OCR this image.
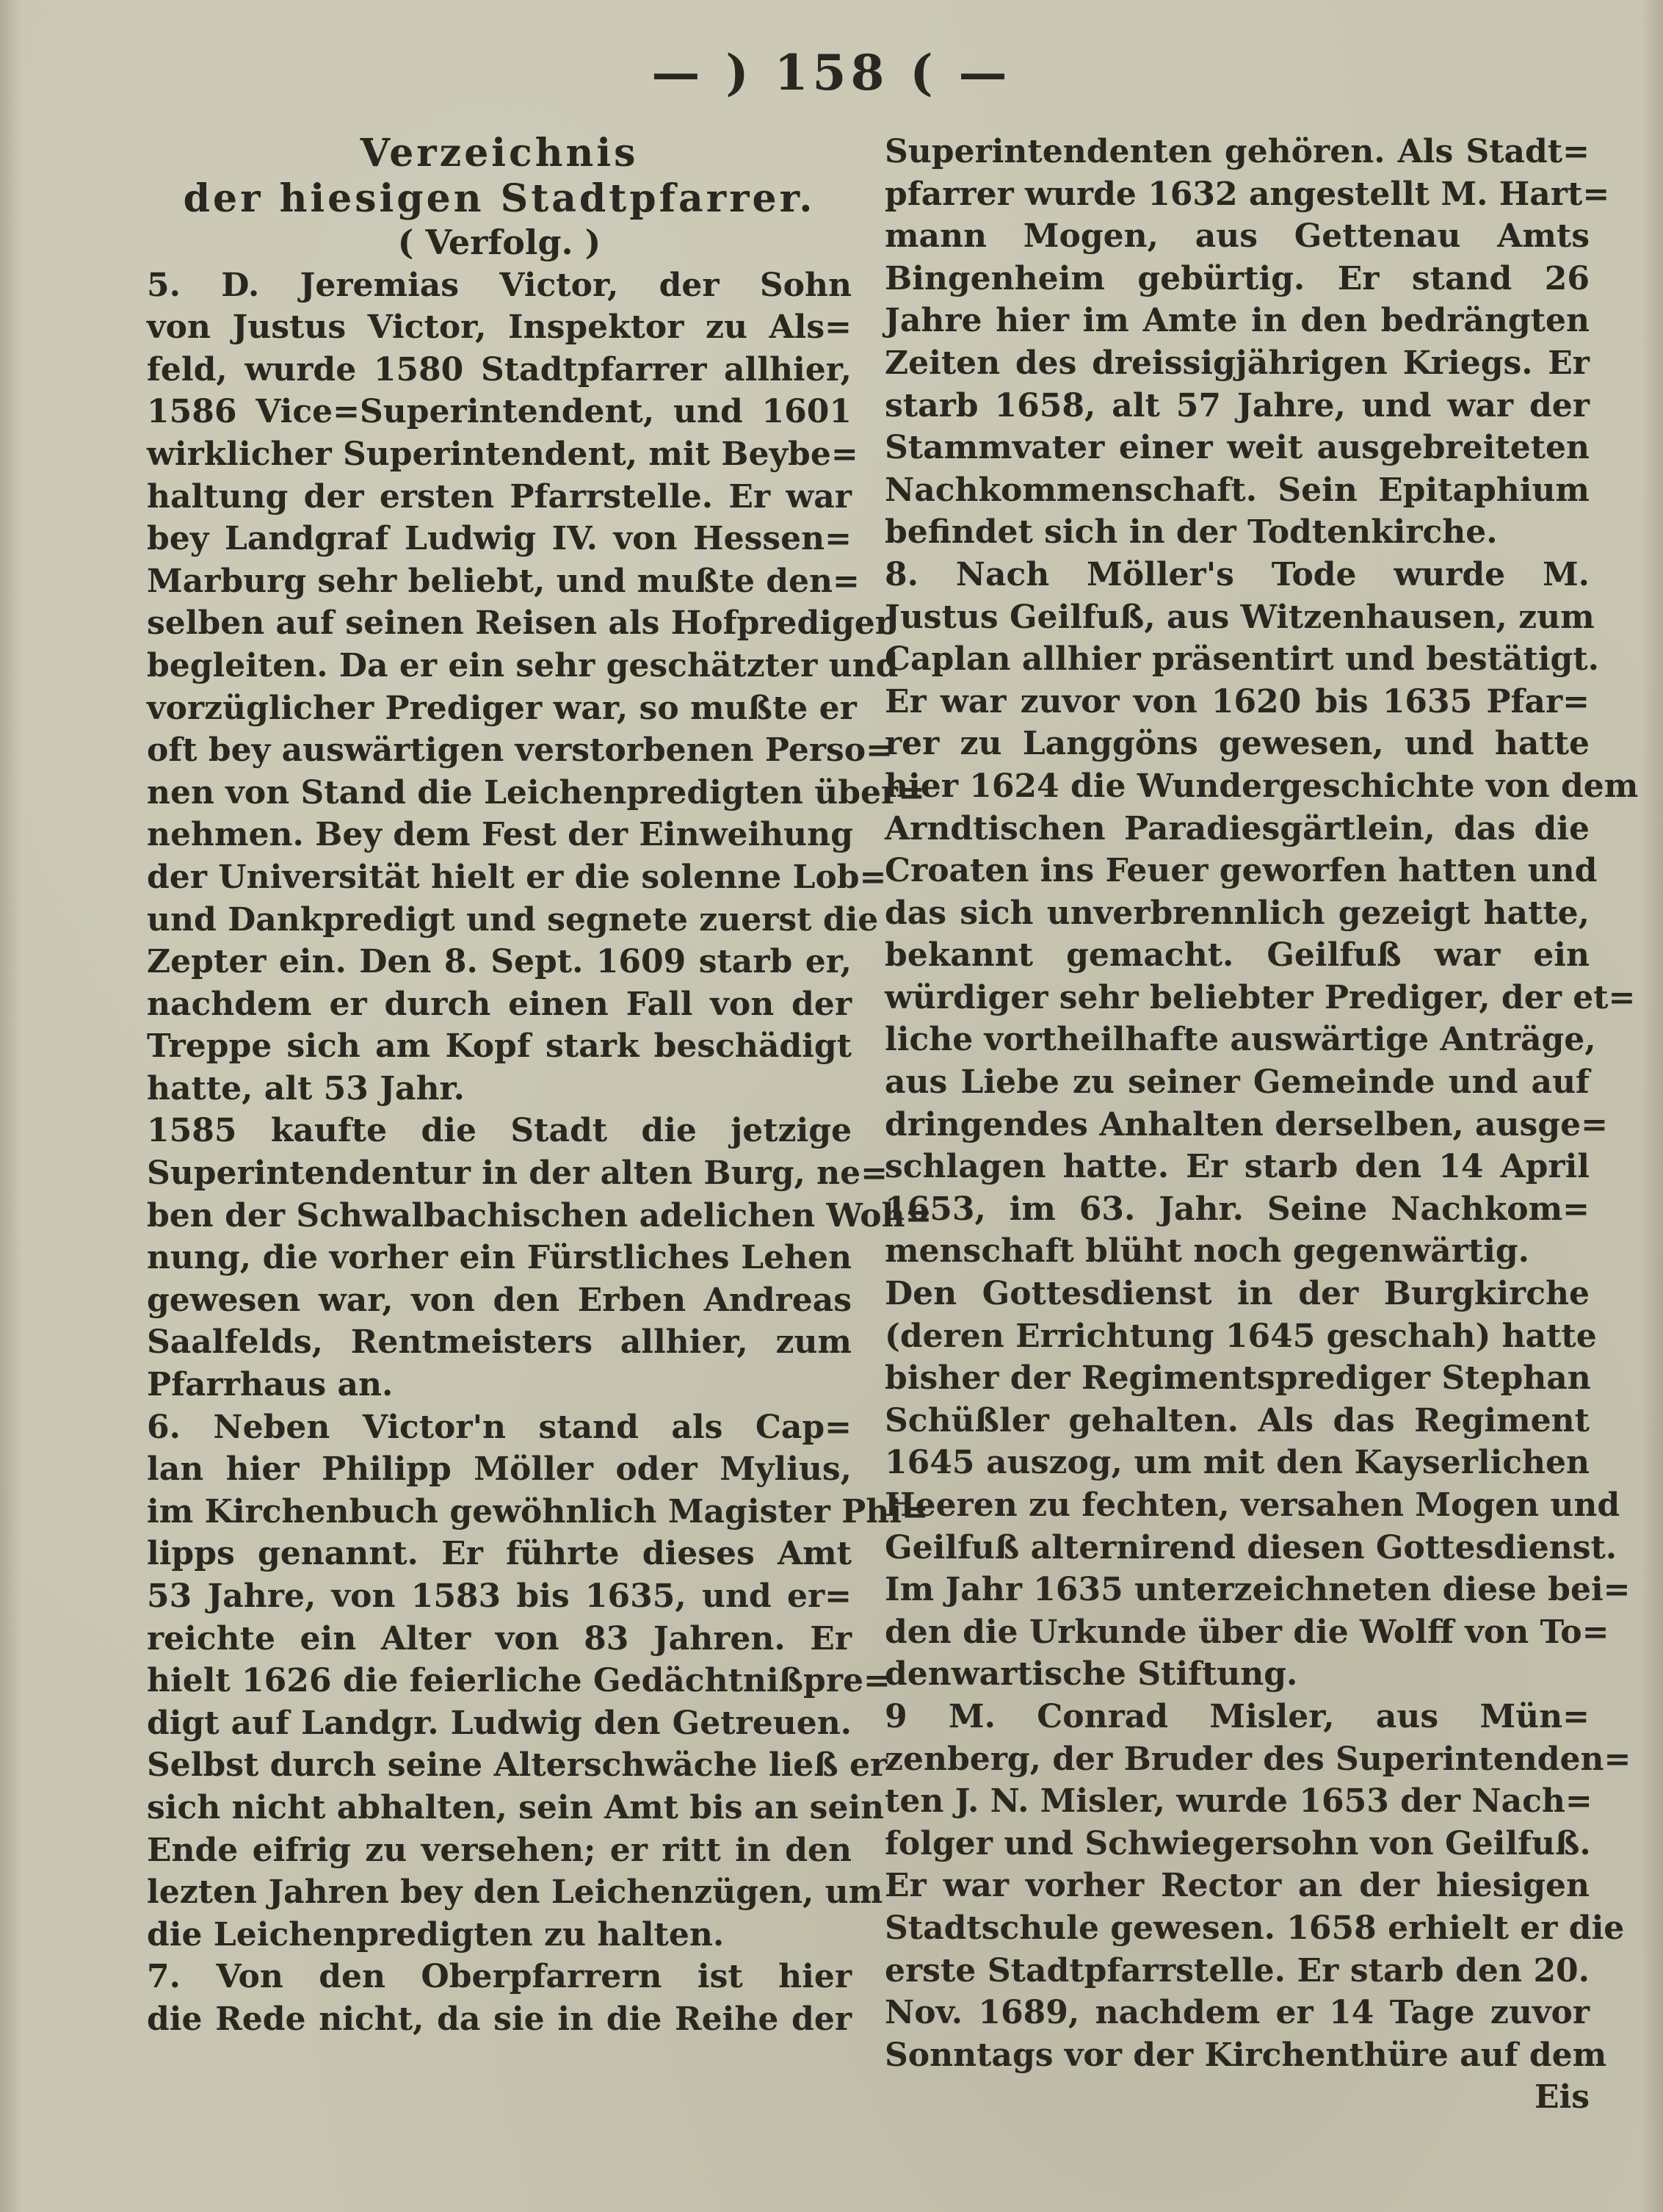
— ) 158 ( —
Verzeichnis
der hiesigen Stadtpfarrer.
( Verfolg. )
5. D. Jeremias Victor, der Sohn
von Justus Victor, Inspektor zu Als=
feld, wurde 1580 Stadtpfarrer allhier,
1586 Vice=Superintendent, und 1601
wirklicher Superintendent, mit Beybe=
haltung der ersten Pfarrstelle. Er war
bey Landgraf Ludwig IV. von Hessen=
Marburg sehr beliebt, und mußte den=
selben auf seinen Reisen als Hofprediger
begleiten. Da er ein sehr geschätzter und
vorzüglicher Prediger war, so mußte er
oft bey auswärtigen verstorbenen Perso=
nen von Stand die Leichenpredigten über=
nehmen. Bey dem Fest der Einweihung
der Universität hielt er die solenne Lob=
und Dankpredigt und segnete zuerst die
Zepter ein. Den 8. Sept. 1609 starb er,
nachdem er durch einen Fall von der
Treppe sich am Kopf stark beschädigt
hatte, alt 53 Jahr.
1585 kaufte die Stadt die jetzige
Superintendentur in der alten Burg, ne=
ben der Schwalbachischen adelichen Woh=
nung, die vorher ein Fürstliches Lehen
gewesen war, von den Erben Andreas
Saalfelds, Rentmeisters allhier, zum
Pfarrhaus an.
6. Neben Victor'n stand als Cap=
lan hier Philipp Möller oder Mylius,
im Kirchenbuch gewöhnlich Magister Phi=
lipps genannt. Er führte dieses Amt
53 Jahre, von 1583 bis 1635, und er=
reichte ein Alter von 83 Jahren. Er
hielt 1626 die feierliche Gedächtnißpre=
digt auf Landgr. Ludwig den Getreuen.
Selbst durch seine Alterschwäche ließ er
sich nicht abhalten, sein Amt bis an sein
Ende eifrig zu versehen; er ritt in den
lezten Jahren bey den Leichenzügen, um
die Leichenpredigten zu halten.
7. Von den Oberpfarrern ist hier
die Rede nicht, da sie in die Reihe der
Superintendenten gehören. Als Stadt=
pfarrer wurde 1632 angestellt M. Hart=
mann Mogen, aus Gettenau Amts
Bingenheim gebürtig. Er stand 26
Jahre hier im Amte in den bedrängten
Zeiten des dreissigjährigen Kriegs. Er
starb 1658, alt 57 Jahre, und war der
Stammvater einer weit ausgebreiteten
Nachkommenschaft. Sein Epitaphium
befindet sich in der Todtenkirche.
8. Nach Möller's Tode wurde M.
Justus Geilfuß, aus Witzenhausen, zum
Caplan allhier präsentirt und bestätigt.
Er war zuvor von 1620 bis 1635 Pfar=
rer zu Langgöns gewesen, und hatte
hier 1624 die Wundergeschichte von dem
Arndtischen Paradiesgärtlein, das die
Croaten ins Feuer geworfen hatten und
das sich unverbrennlich gezeigt hatte,
bekannt gemacht. Geilfuß war ein
würdiger sehr beliebter Prediger, der et=
liche vortheilhafte auswärtige Anträge,
aus Liebe zu seiner Gemeinde und auf
dringendes Anhalten derselben, ausge=
schlagen hatte. Er starb den 14 April
1653, im 63. Jahr. Seine Nachkom=
menschaft blüht noch gegenwärtig.
Den Gottesdienst in der Burgkirche
(deren Errichtung 1645 geschah) hatte
bisher der Regimentsprediger Stephan
Schüßler gehalten. Als das Regiment
1645 auszog, um mit den Kayserlichen
Heeren zu fechten, versahen Mogen und
Geilfuß alternirend diesen Gottesdienst.
Im Jahr 1635 unterzeichneten diese bei=
den die Urkunde über die Wolff von To=
denwartische Stiftung.
9 M. Conrad Misler, aus Mün=
zenberg, der Bruder des Superintenden=
ten J. N. Misler, wurde 1653 der Nach=
folger und Schwiegersohn von Geilfuß.
Er war vorher Rector an der hiesigen
Stadtschule gewesen. 1658 erhielt er die
erste Stadtpfarrstelle. Er starb den 20.
Nov. 1689, nachdem er 14 Tage zuvor
Sonntags vor der Kirchenthüre auf dem
Eis
